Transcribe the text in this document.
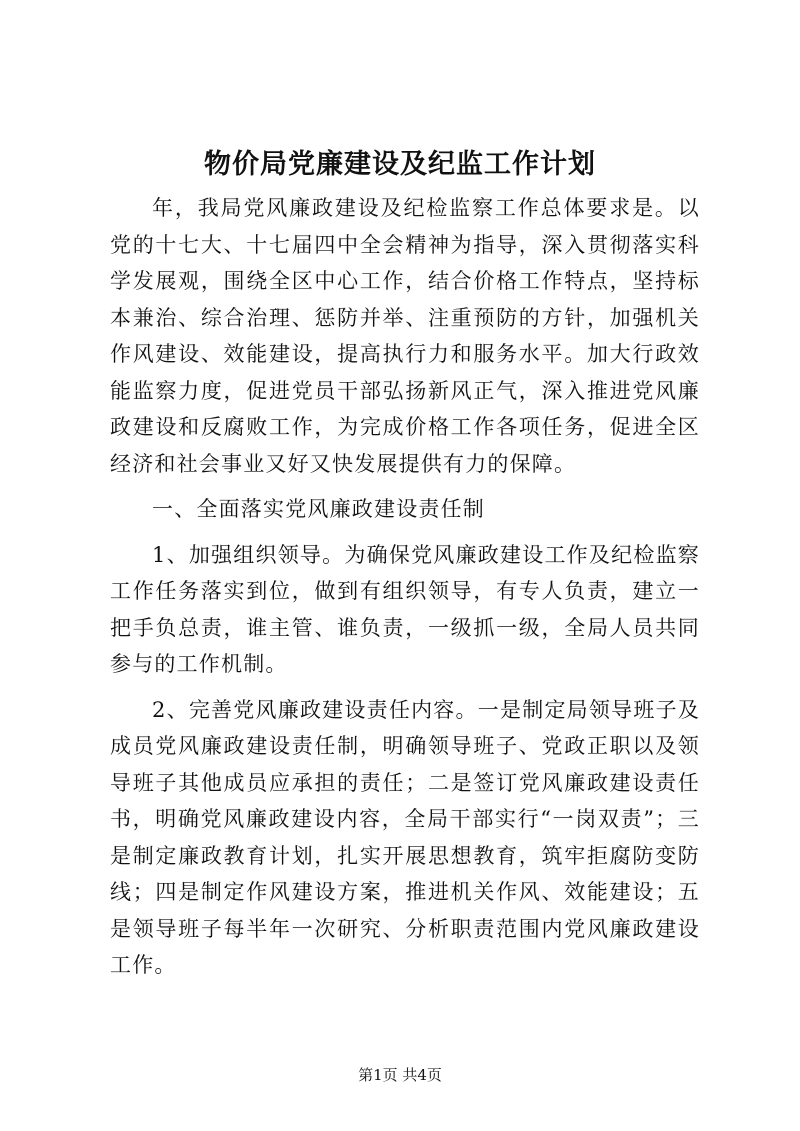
物价局党廉建设及纪监工作计划

年，我局党风廉政建设及纪检监察工作总体要求是。以党的十七大、十七届四中全会精神为指导，深入贯彻落实科学发展观，围绕全区中心工作，结合价格工作特点，坚持标本兼治、综合治理、惩防并举、注重预防的方针，加强机关作风建设、效能建设，提高执行力和服务水平。加大行政效能监察力度，促进党员干部弘扬新风正气，深入推进党风廉政建设和反腐败工作，为完成价格工作各项任务，促进全区经济和社会事业又好又快发展提供有力的保障。

一、全面落实党风廉政建设责任制

1、加强组织领导。为确保党风廉政建设工作及纪检监察工作任务落实到位，做到有组织领导，有专人负责，建立一把手负总责，谁主管、谁负责，一级抓一级，全局人员共同参与的工作机制。

2、完善党风廉政建设责任内容。一是制定局领导班子及成员党风廉政建设责任制，明确领导班子、党政正职以及领导班子其他成员应承担的责任；二是签订党风廉政建设责任书，明确党风廉政建设内容，全局干部实行“一岗双责”；三是制定廉政教育计划，扎实开展思想教育，筑牢拒腐防变防线；四是制定作风建设方案，推进机关作风、效能建设；五是领导班子每半年一次研究、分析职责范围内党风廉政建设工作。

第1页 共4页
